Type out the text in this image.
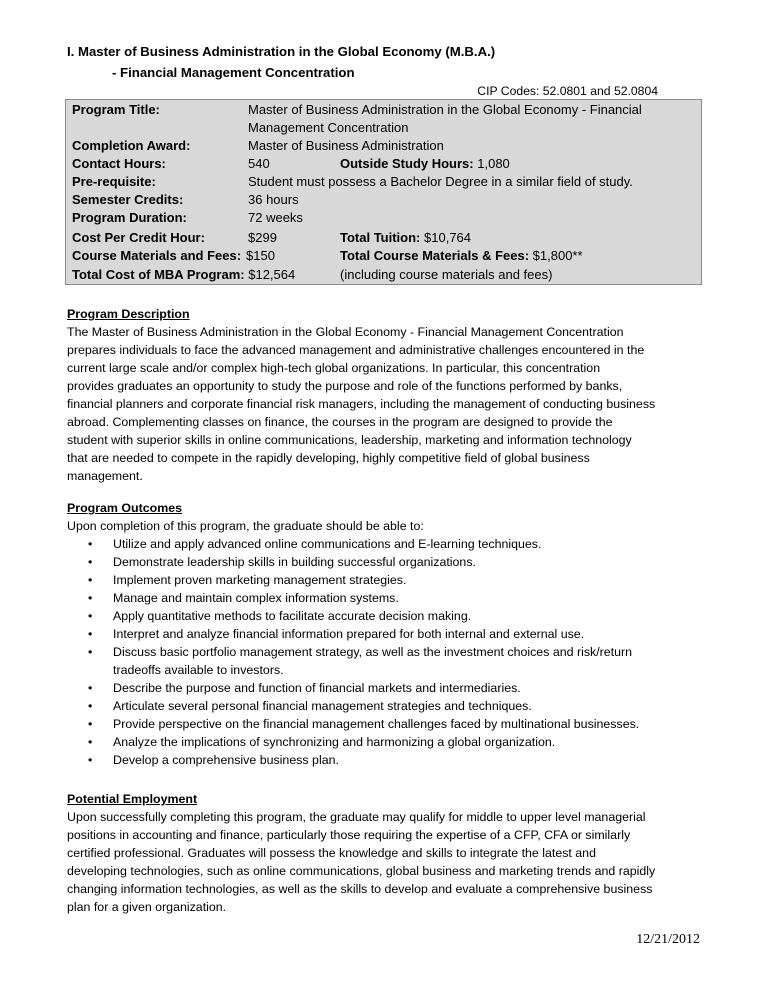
I. Master of Business Administration in the Global Economy (M.B.A.)
- Financial Management Concentration
CIP Codes: 52.0801 and 52.0804
Program Title:	Master of Business Administration in the Global Economy - Financial
Management Concentration
Completion Award:	Master of Business Administration
Contact Hours:	540	Outside Study Hours: 1,080
Pre-requisite:	Student must possess a Bachelor Degree in a similar field of study.
Semester Credits:	36 hours
Program Duration:	72 weeks
Cost Per Credit Hour:	$299	Total Tuition: $10,764
Course Materials and Fees: $150	Total Course Materials & Fees: $1,800**
Total Cost of MBA Program: $12,564	(including course materials and fees)
Program Description
The Master of Business Administration in the Global Economy - Financial Management Concentration
prepares individuals to face the advanced management and administrative challenges encountered in the
current large scale and/or complex high-tech global organizations. In particular, this concentration
provides graduates an opportunity to study the purpose and role of the functions performed by banks,
financial planners and corporate financial risk managers, including the management of conducting business
abroad. Complementing classes on finance, the courses in the program are designed to provide the
student with superior skills in online communications, leadership, marketing and information technology
that are needed to compete in the rapidly developing, highly competitive field of global business
management.
Program Outcomes
Upon completion of this program, the graduate should be able to:
• Utilize and apply advanced online communications and E-learning techniques.
• Demonstrate leadership skills in building successful organizations.
• Implement proven marketing management strategies.
• Manage and maintain complex information systems.
• Apply quantitative methods to facilitate accurate decision making.
• Interpret and analyze financial information prepared for both internal and external use.
• Discuss basic portfolio management strategy, as well as the investment choices and risk/return
tradeoffs available to investors.
• Describe the purpose and function of financial markets and intermediaries.
• Articulate several personal financial management strategies and techniques.
• Provide perspective on the financial management challenges faced by multinational businesses.
• Analyze the implications of synchronizing and harmonizing a global organization.
• Develop a comprehensive business plan.
Potential Employment
Upon successfully completing this program, the graduate may qualify for middle to upper level managerial
positions in accounting and finance, particularly those requiring the expertise of a CFP, CFA or similarly
certified professional. Graduates will possess the knowledge and skills to integrate the latest and
developing technologies, such as online communications, global business and marketing trends and rapidly
changing information technologies, as well as the skills to develop and evaluate a comprehensive business
plan for a given organization.
12/21/2012
